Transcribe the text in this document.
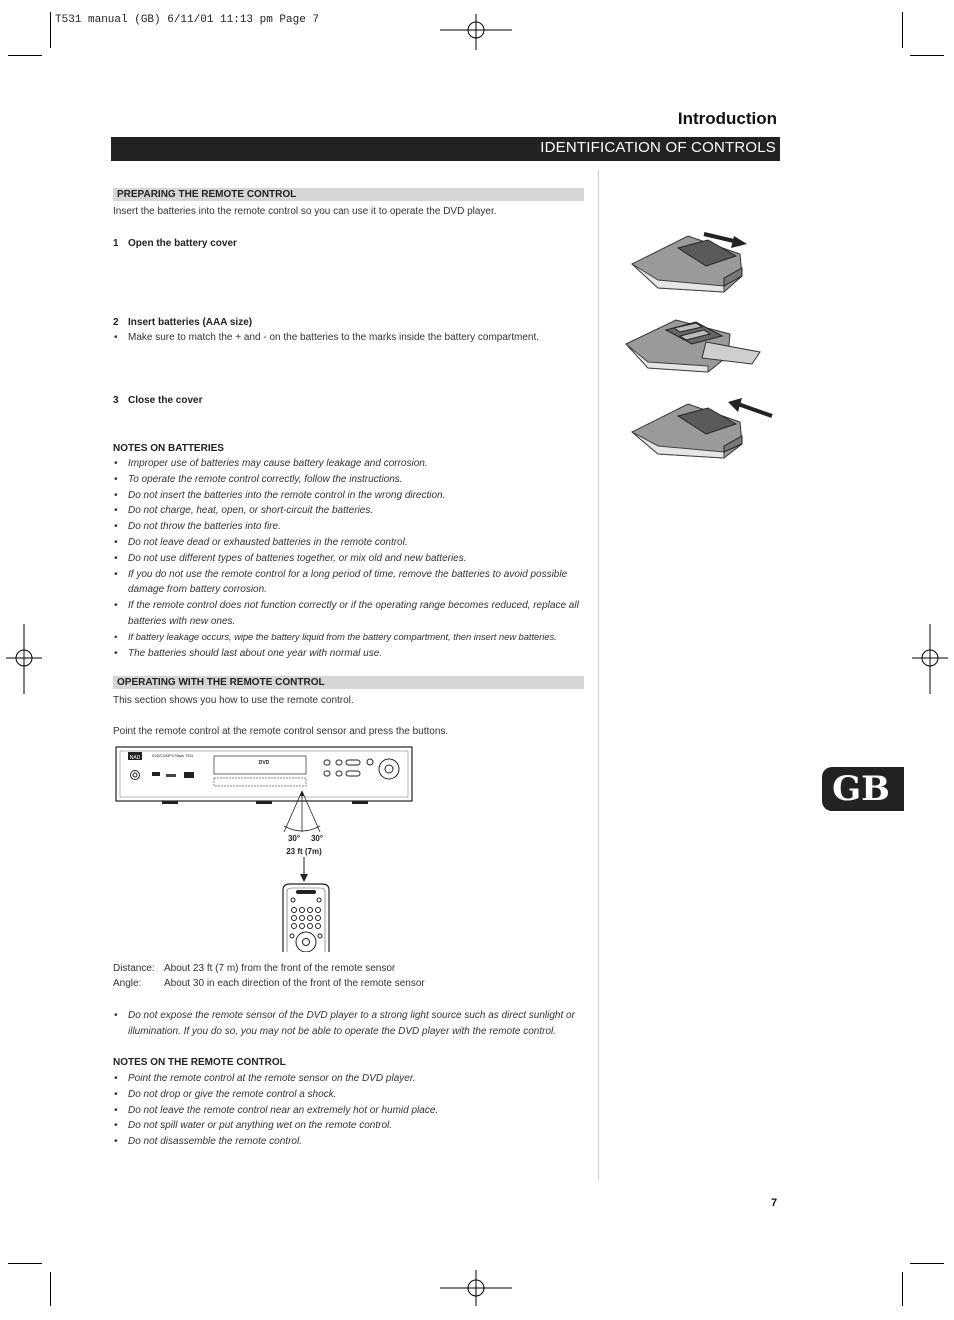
T531 manual (GB) 6/11/01 11:13 pm Page 7
Introduction
IDENTIFICATION OF CONTROLS
PREPARING THE REMOTE CONTROL
Insert the batteries into the remote control so you can use it to operate the DVD player.
1 Open the battery cover
2 Insert batteries (AAA size)
• Make sure to match the + and - on the batteries to the marks inside the battery compartment.
3 Close the cover
NOTES ON BATTERIES
• Improper use of batteries may cause battery leakage and corrosion.
• To operate the remote control correctly, follow the instructions.
• Do not insert the batteries into the remote control in the wrong direction.
• Do not charge, heat, open, or short-circuit the batteries.
• Do not throw the batteries into fire.
• Do not leave dead or exhausted batteries in the remote control.
• Do not use different types of batteries together, or mix old and new batteries.
• If you do not use the remote control for a long period of time, remove the batteries to avoid possible damage from battery corrosion.
• If the remote control does not function correctly or if the operating range becomes reduced, replace all batteries with new ones.
• If battery leakage occurs, wipe the battery liquid from the battery compartment, then insert new batteries.
• The batteries should last about one year with normal use.
OPERATING WITH THE REMOTE CONTROL
This section shows you how to use the remote control.
Point the remote control at the remote control sensor and press the buttons.
NAD	DVD/CD/MP3 Player T531
DVD
30° 30°
23 ft (7m)
Distance: About 23 ft (7 m) from the front of the remote sensor
Angle: About 30 in each direction of the front of the remote sensor
• Do not expose the remote sensor of the DVD player to a strong light source such as direct sunlight or illumination. If you do so, you may not be able to operate the DVD player with the remote control.
NOTES ON THE REMOTE CONTROL
• Point the remote control at the remote sensor on the DVD player.
• Do not drop or give the remote control a shock.
• Do not leave the remote control near an extremely hot or humid place.
• Do not spill water or put anything wet on the remote control.
• Do not disassemble the remote control.
GB
7
